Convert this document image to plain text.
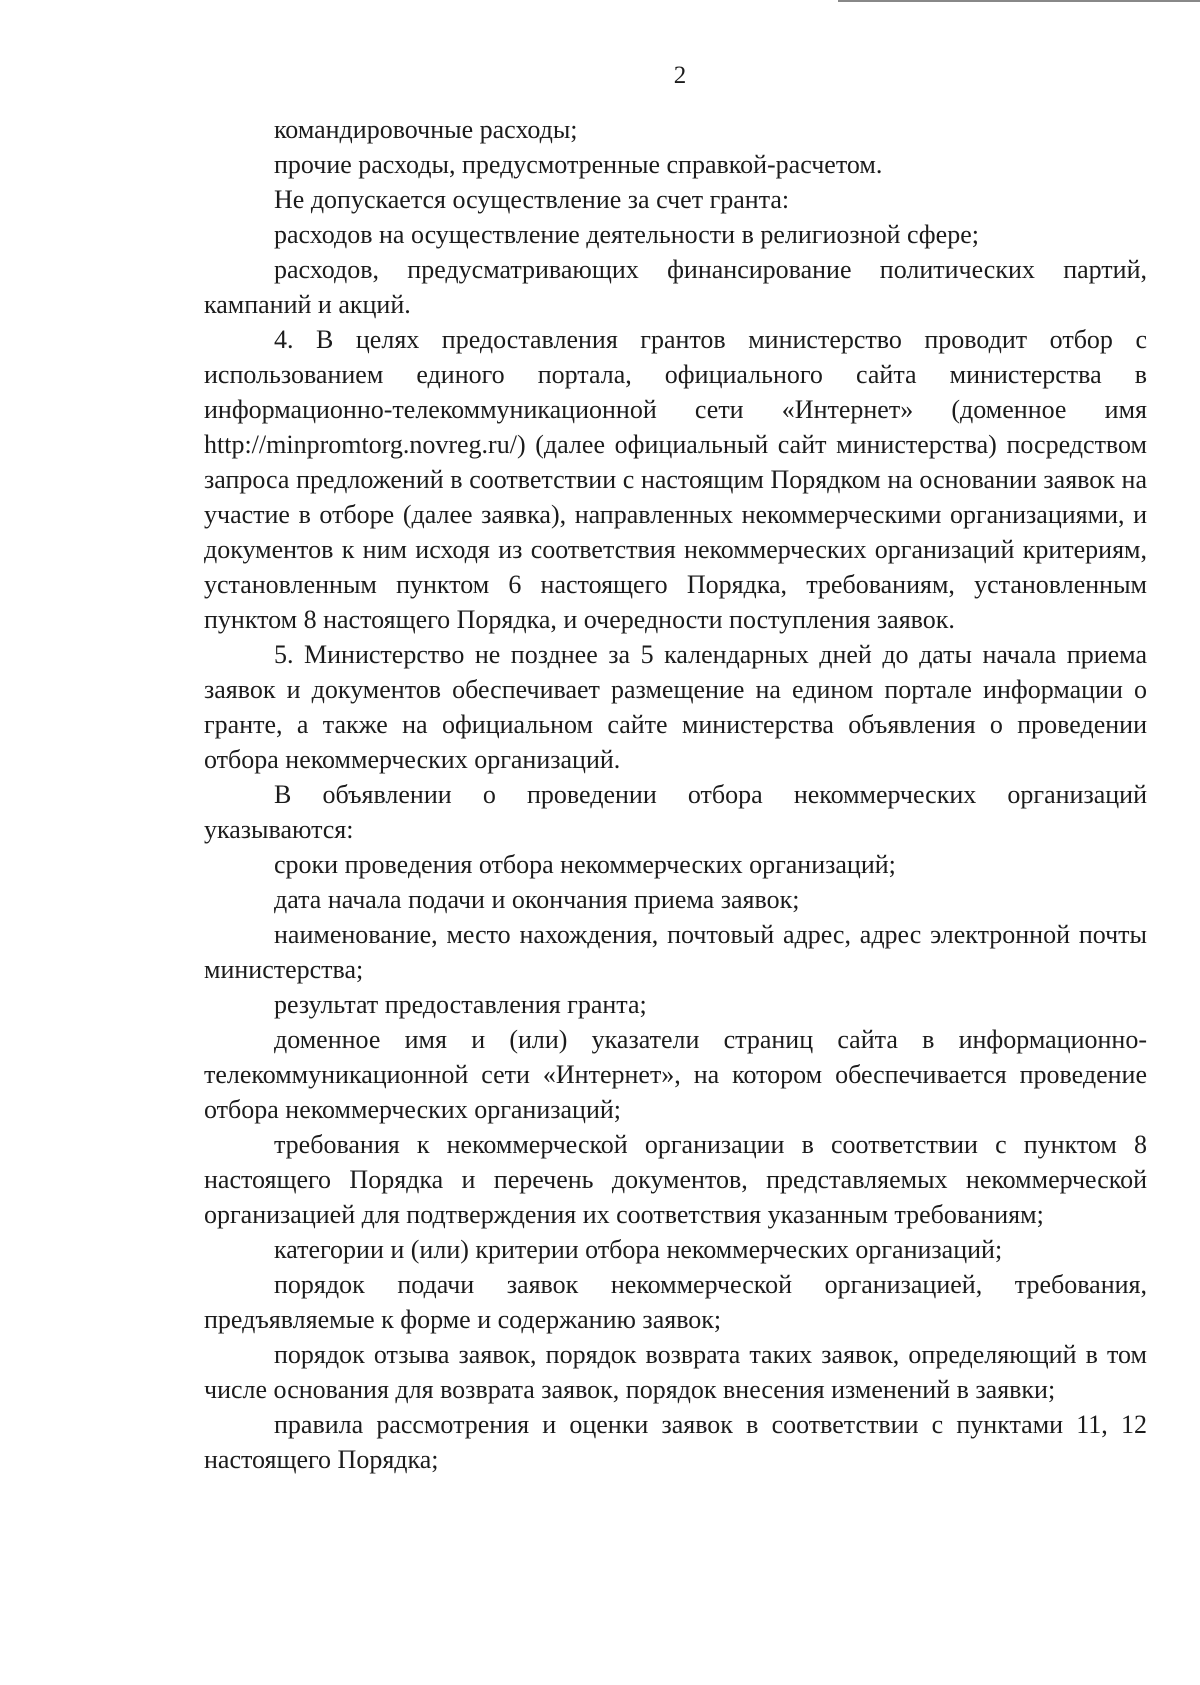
2

командировочные расходы;

прочие расходы, предусмотренные справкой-расчетом.

Не допускается осуществление за счет гранта:

расходов на осуществление деятельности в религиозной сфере;

расходов, предусматривающих финансирование политических партий, кампаний и акций.

4. В целях предоставления грантов министерство проводит отбор с использованием единого портала, официального сайта министерства в информационно-телекоммуникационной сети «Интернет» (доменное имя http://minpromtorg.novreg.ru/) (далее официальный сайт министерства) посредством запроса предложений в соответствии с настоящим Порядком на основании заявок на участие в отборе (далее заявка), направленных некоммерческими организациями, и документов к ним исходя из соответствия некоммерческих организаций критериям, установленным пунктом 6 настоящего Порядка, требованиям, установленным пунктом 8 настоящего Порядка, и очередности поступления заявок.

5. Министерство не позднее за 5 календарных дней до даты начала приема заявок и документов обеспечивает размещение на едином портале информации о гранте, а также на официальном сайте министерства объявления о проведении отбора некоммерческих организаций.

В объявлении о проведении отбора некоммерческих организаций указываются:

сроки проведения отбора некоммерческих организаций;

дата начала подачи и окончания приема заявок;

наименование, место нахождения, почтовый адрес, адрес электронной почты министерства;

результат предоставления гранта;

доменное имя и (или) указатели страниц сайта в информационно-телекоммуникационной сети «Интернет», на котором обеспечивается проведение отбора некоммерческих организаций;

требования к некоммерческой организации в соответствии с пунктом 8 настоящего Порядка и перечень документов, представляемых некоммерческой организацией для подтверждения их соответствия указанным требованиям;

категории и (или) критерии отбора некоммерческих организаций;

порядок подачи заявок некоммерческой организацией, требования, предъявляемые к форме и содержанию заявок;

порядок отзыва заявок, порядок возврата таких заявок, определяющий в том числе основания для возврата заявок, порядок внесения изменений в заявки;

правила рассмотрения и оценки заявок в соответствии с пунктами 11, 12 настоящего Порядка;
